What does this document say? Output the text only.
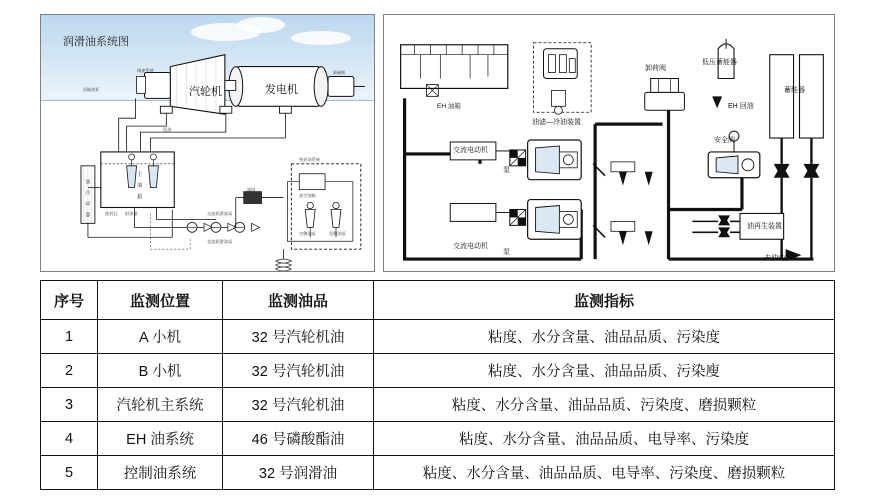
润滑油系统图
汽轮机	发电机
主 油 箱
油 冷 却 器	交流润滑油泵
直流润滑油泵
密封油系统
真空油箱
空侧油泵	氢侧油泵
调速系统	励磁机
滤网
射油器
回油
密封瓦
顶轴油泵
EH 油箱
卸荷阀
低压蓄能器
EH 回油
蓄能器
油滤—冷油装置
交流电动机
交流电动机
泵
泵
安全阀
油再生装置
去油动机
序号	监测位置	监测油品	监测指标
1	A 小机	32 号汽轮机油	粘度、水分含量、油品品质、污染度
2	B 小机	32 号汽轮机油	粘度、水分含量、油品品质、污染廋
3	汽轮机主系统	32 号汽轮机油	粘度、水分含量、油品品质、污染度、磨损颗粒
4	EH 油系统	46 号磷酸酯油	粘度、水分含量、油品品质、电导率、污染度
5	控制油系统	32 号润滑油	粘度、水分含量、油品品质、电导率、污染度、磨损颗粒
